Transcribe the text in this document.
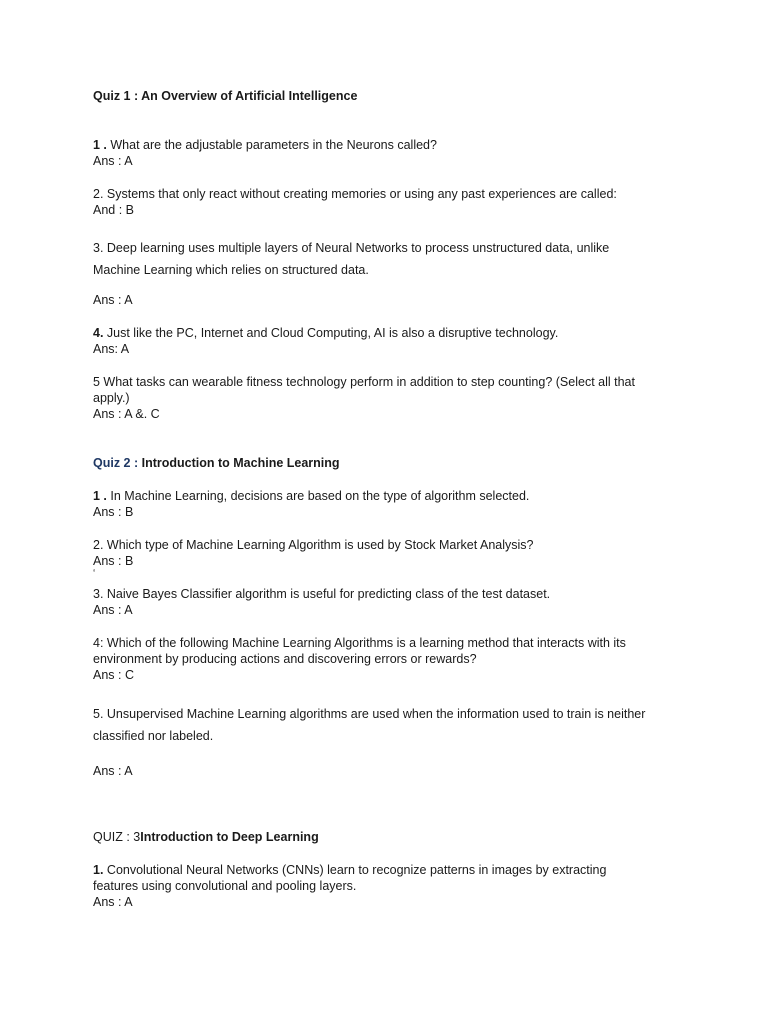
Quiz 1 : An Overview of Artificial Intelligence
1 . What are the adjustable parameters in the Neurons called?
Ans : A
2. Systems that only react without creating memories or using any past experiences are called:
And : B
3. Deep learning uses multiple layers of Neural Networks to process unstructured data, unlike
Machine Learning which relies on structured data.
Ans : A
4. Just like the PC, Internet and Cloud Computing, AI is also a disruptive technology.
Ans: A
5 What tasks can wearable fitness technology perform in addition to step counting? (Select all that
apply.)
Ans : A &. C
Quiz 2 : Introduction to Machine Learning
1 . In Machine Learning, decisions are based on the type of algorithm selected.
Ans : B
2. Which type of Machine Learning Algorithm is used by Stock Market Analysis?
Ans : B
‘
3. Naive Bayes Classifier algorithm is useful for predicting class of the test dataset.
Ans : A
4: Which of the following Machine Learning Algorithms is a learning method that interacts with its
environment by producing actions and discovering errors or rewards?
Ans : C
5. Unsupervised Machine Learning algorithms are used when the information used to train is neither
classified nor labeled.
Ans : A
QUIZ : 3Introduction to Deep Learning
1. Convolutional Neural Networks (CNNs) learn to recognize patterns in images by extracting
features using convolutional and pooling layers.
Ans : A
